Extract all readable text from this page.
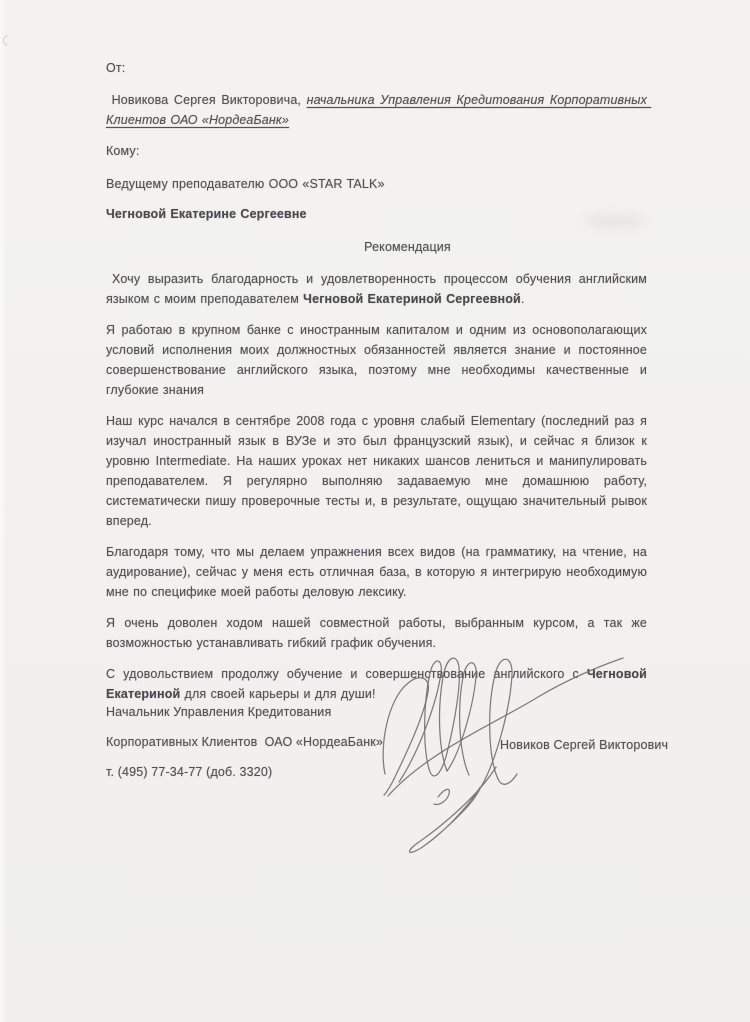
От:

Новикова Сергея Викторовича, начальника Управления Кредитования Корпоративных Клиентов ОАО «НордеаБанк»

Кому:

Ведущему преподавателю ООО «STAR TALK»

Чегновой Екатерине Сергеевне

Рекомендация

Хочу выразить благодарность и удовлетворенность процессом обучения английским языком с моим преподавателем Чегновой Екатериной Сергеевной.

Я работаю в крупном банке с иностранным капиталом и одним из основополагающих условий исполнения моих должностных обязанностей является знание и постоянное совершенствование английского языка, поэтому мне необходимы качественные и глубокие знания

Наш курс начался в сентябре 2008 года с уровня слабый Elementary (последний раз я изучал иностранный язык в ВУЗе и это был французский язык), и сейчас я близок к уровню Intermediate. На наших уроках нет никаких шансов лениться и манипулировать преподавателем. Я регулярно выполняю задаваемую мне домашнюю работу, систематически пишу проверочные тесты и, в результате, ощущаю значительный рывок вперед.

Благодаря тому, что мы делаем упражнения всех видов (на грамматику, на чтение, на аудирование), сейчас у меня есть отличная база, в которую я интегрирую необходимую мне по специфике моей работы деловую лексику.

Я очень доволен ходом нашей совместной работы, выбранным курсом, а так же возможностью устанавливать гибкий график обучения.

С удовольствием продолжу обучение и совершенствование английского с Чегновой Екатериной для своей карьеры и для души!

Начальник Управления Кредитования

Корпоративных Клиентов  ОАО «НордеаБанк»

т. (495) 77-34-77 (доб. 3320)

Новиков Сергей Викторович
